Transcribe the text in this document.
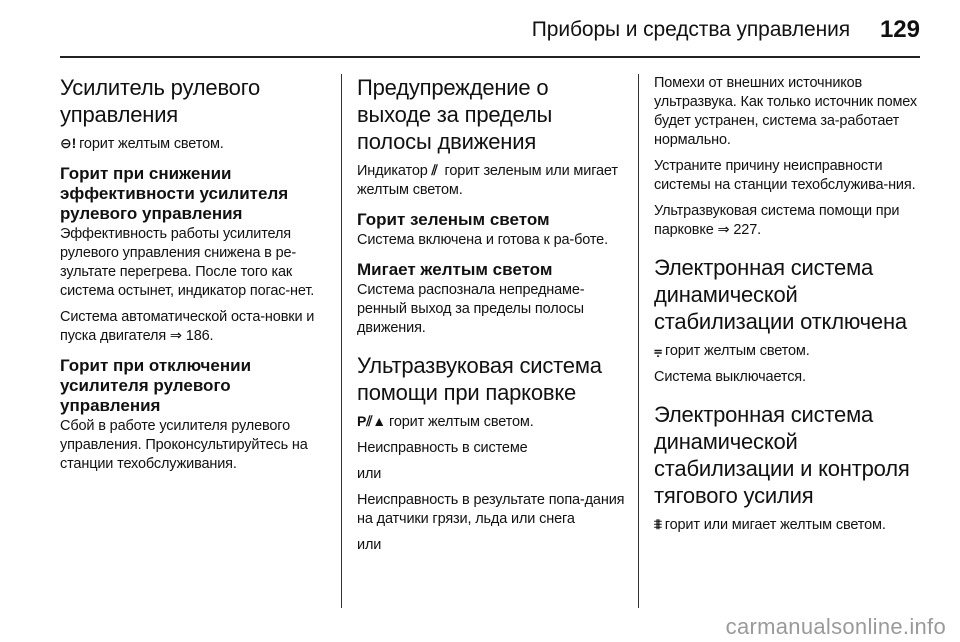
Приборы и средства управления 129
Усилитель рулевого управления

⊖! горит желтым светом.

Горит при снижении эффективности усилителя рулевого управления

Эффективность работы усилителя рулевого управления снижена в ре-зультате перегрева. После того как система остынет, индикатор погас-нет.

Система автоматической оста-новки и пуска двигателя ⇒ 186.

Горит при отключении усилителя рулевого управления

Сбой в работе усилителя рулевого управления. Проконсультируйтесь на станции техобслуживания.

Предупреждение о выходе за пределы полосы движения

Индикатор ⫽ горит зеленым или мигает желтым светом.

Горит зеленым светом

Система включена и готова к ра-боте.

Мигает желтым светом

Система распознала непреднаме-ренный выход за пределы полосы движения.

Ультразвуковая система помощи при парковке

P⫽▲ горит желтым светом.

Неисправность в системе

или

Неисправность в результате попа-дания на датчики грязи, льда или снега

или

Помехи от внешних источников ультразвука. Как только источник помех будет устранен, система за-работает нормально.

Устраните причину неисправности системы на станции техобслужива-ния.

Ультразвуковая система помощи при парковке ⇒ 227.

Электронная система динамической стабилизации отключена

⩦ горит желтым светом.

Система выключается.

Электронная система динамической стабилизации и контроля тягового усилия

⩨ горит или мигает желтым светом.

carmanualsonline.info
